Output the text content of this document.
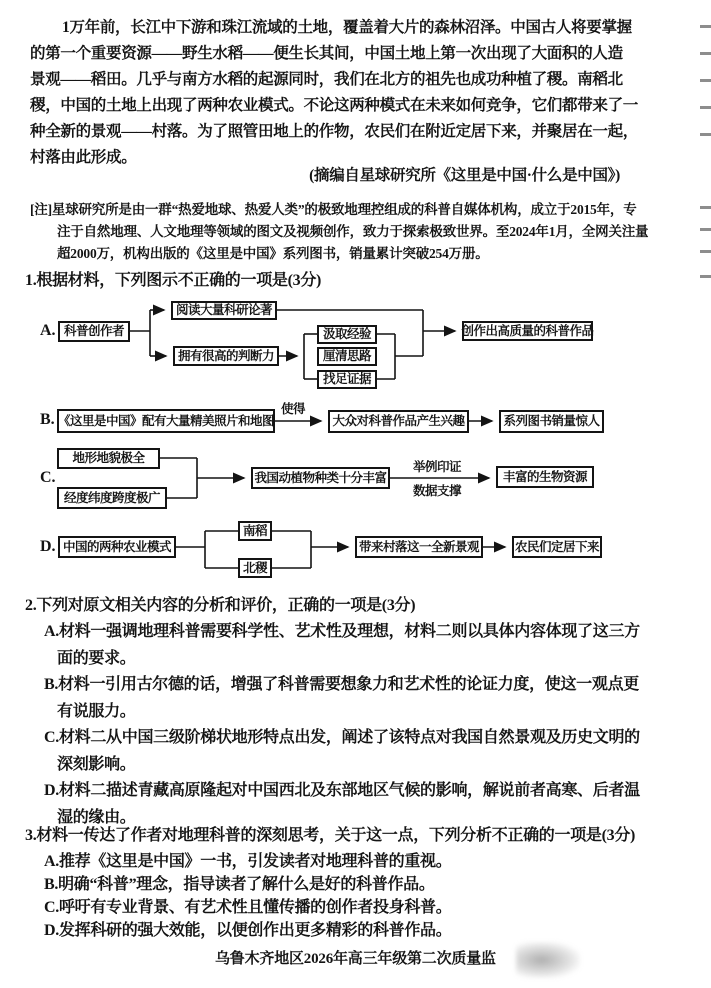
1万年前，长江中下游和珠江流域的土地，覆盖着大片的森林沼泽。中国古人将要掌握
的第一个重要资源——野生水稻——便生长其间，中国土地上第一次出现了大面积的人造
景观——稻田。几乎与南方水稻的起源同时，我们在北方的祖先也成功种植了稷。南稻北
稷，中国的土地上出现了两种农业模式。不论这两种模式在未来如何竞争，它们都带来了一
种全新的景观——村落。为了照管田地上的作物，农民们在附近定居下来，并聚居在一起，
村落由此形成。
(摘编自星球研究所《这里是中国·什么是中国》)
[注]星球研究所是由一群“热爱地球、热爱人类”的极致地理控组成的科普自媒体机构，成立于2015年，专
注于自然地理、人文地理等领域的图文及视频创作，致力于探索极致世界。至2024年1月，全网关注量
超2000万，机构出版的《这里是中国》系列图书，销量累计突破254万册。
1.根据材料，下列图示不正确的一项是(3分)
A. 科普创作者
阅读大量科研论著
拥有很高的判断力
汲取经验
厘清思路
找足证据
创作出高质量的科普作品
B. 《这里是中国》配有大量精美照片和地图
使得
大众对科普作品产生兴趣	系列图书销量惊人
C.
地形地貌极全
经度纬度跨度极广
我国动植物种类十分丰富
举例印证
数据支撑
丰富的生物资源
D. 中国的两种农业模式
南稻
北稷
带来村落这一全新景观	农民们定居下来
2.下列对原文相关内容的分析和评价，正确的一项是(3分)
A.材料一强调地理科普需要科学性、艺术性及理想，材料二则以具体内容体现了这三方
面的要求。
B.材料一引用古尔德的话，增强了科普需要想象力和艺术性的论证力度，使这一观点更
有说服力。
C.材料二从中国三级阶梯状地形特点出发，阐述了该特点对我国自然景观及历史文明的
深刻影响。
D.材料二描述青藏高原隆起对中国西北及东部地区气候的影响，解说前者高寒、后者温
湿的缘由。
3.材料一传达了作者对地理科普的深刻思考，关于这一点，下列分析不正确的一项是(3分)
A.推荐《这里是中国》一书，引发读者对地理科普的重视。
B.明确“科普”理念，指导读者了解什么是好的科普作品。
C.呼吁有专业背景、有艺术性且懂传播的创作者投身科普。
D.发挥科研的强大效能，以便创作出更多精彩的科普作品。
乌鲁木齐地区2026年高三年级第二次质量监
